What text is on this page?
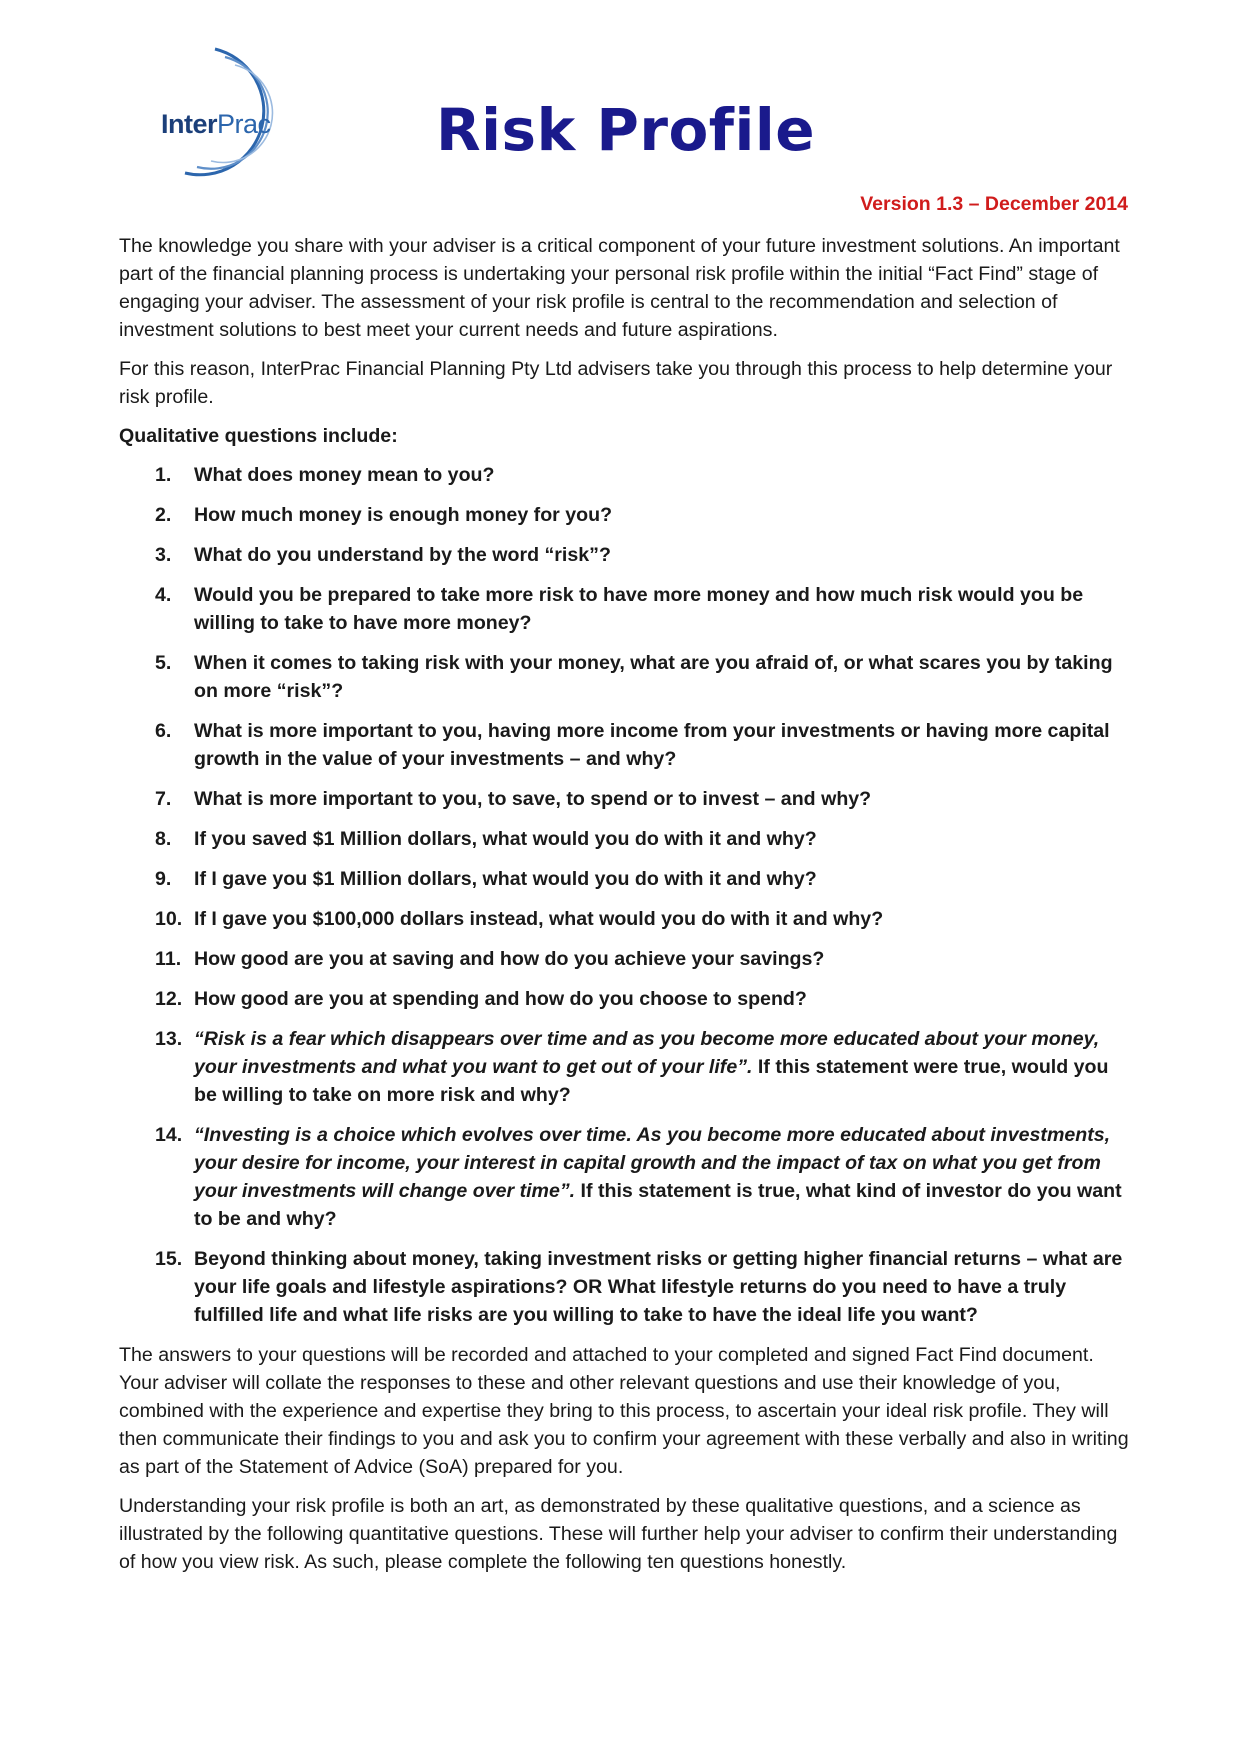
InterPrac	Risk Profile
Version 1.3 – December 2014

The knowledge you share with your adviser is a critical component of your future investment solutions. An important part of the financial planning process is undertaking your personal risk profile within the initial “Fact Find” stage of engaging your adviser. The assessment of your risk profile is central to the recommendation and selection of investment solutions to best meet your current needs and future aspirations.

For this reason, InterPrac Financial Planning Pty Ltd advisers take you through this process to help determine your risk profile.

Qualitative questions include:

1. What does money mean to you?
2. How much money is enough money for you?
3. What do you understand by the word “risk”?
4. Would you be prepared to take more risk to have more money and how much risk would you be willing to take to have more money?
5. When it comes to taking risk with your money, what are you afraid of, or what scares you by taking on more “risk”?
6. What is more important to you, having more income from your investments or having more capital growth in the value of your investments – and why?
7. What is more important to you, to save, to spend or to invest – and why?
8. If you saved $1 Million dollars, what would you do with it and why?
9. If I gave you $1 Million dollars, what would you do with it and why?
10. If I gave you $100,000 dollars instead, what would you do with it and why?
11. How good are you at saving and how do you achieve your savings?
12. How good are you at spending and how do you choose to spend?
13. “Risk is a fear which disappears over time and as you become more educated about your money, your investments and what you want to get out of your life”. If this statement were true, would you be willing to take on more risk and why?
14. “Investing is a choice which evolves over time. As you become more educated about investments, your desire for income, your interest in capital growth and the impact of tax on what you get from your investments will change over time”. If this statement is true, what kind of investor do you want to be and why?
15. Beyond thinking about money, taking investment risks or getting higher financial returns – what are your life goals and lifestyle aspirations? OR What lifestyle returns do you need to have a truly fulfilled life and what life risks are you willing to take to have the ideal life you want?

The answers to your questions will be recorded and attached to your completed and signed Fact Find document. Your adviser will collate the responses to these and other relevant questions and use their knowledge of you, combined with the experience and expertise they bring to this process, to ascertain your ideal risk profile. They will then communicate their findings to you and ask you to confirm your agreement with these verbally and also in writing as part of the Statement of Advice (SoA) prepared for you.

Understanding your risk profile is both an art, as demonstrated by these qualitative questions, and a science as illustrated by the following quantitative questions. These will further help your adviser to confirm their understanding of how you view risk. As such, please complete the following ten questions honestly.
